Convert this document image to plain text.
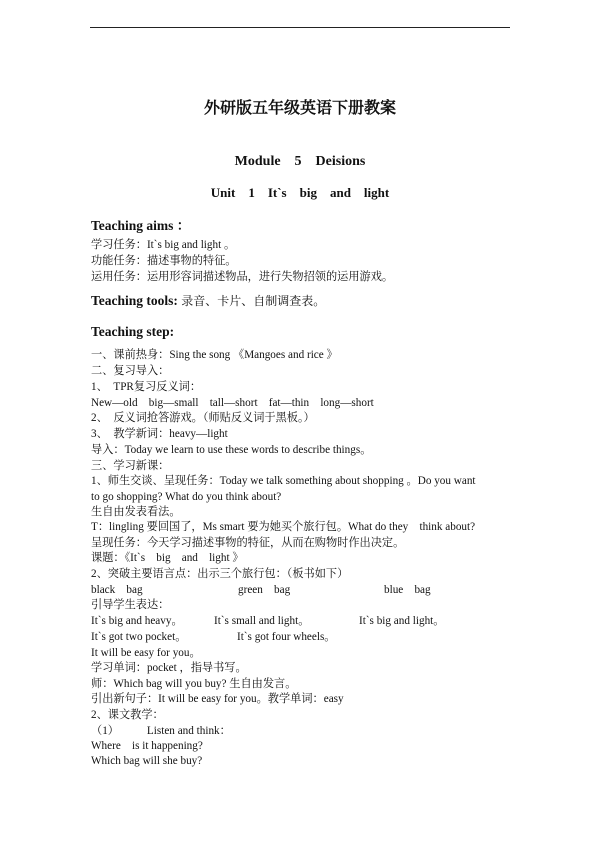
外研版五年级英语下册教案
Module　5　Deisions
Unit　1　It`s　big　and　light
Teaching aims ：
学习任务：It`s big and light 。
功能任务：描述事物的特征。
运用任务：运用形容词描述物品，进行失物招领的运用游戏。
Teaching tools: 录音、卡片、自制调查表。
Teaching step:
一、课前热身：Sing the song 《Mangoes and rice 》
二、复习导入：
1、　TPR复习反义词：
New—old　big—small　tall—short　fat—thin　long—short
2、　反义词抢答游戏。（师贴反义词于黑板。）
3、　教学新词：heavy—light
导入：Today we learn to use these words to describe things。
三、学习新课：
1、师生交谈、呈现任务：Today we talk something about shopping 。Do you want
to go shopping? What do you think about?
生自由发表看法。
T：lingling 要回国了，Ms smart 要为她买个旅行包。What do they　think about?
呈现任务：今天学习描述事物的特征，从而在购物时作出决定。
课题：《It`s　big　and　light 》
2、突破主要语言点：出示三个旅行包：（板书如下）
black　bag	green　bag	blue　bag
引导学生表达：
It`s big and heavy。	It`s small and light。	It`s big and light。
It`s got two pocket。	It`s got four wheels。
It will be easy for you。
学习单词：pocket ，指导书写。
师：Which bag will you buy? 生自由发言。
引出新句子：It will be easy for you。教学单词：easy
2、课文教学：
（1）　　　Listen and think：
Where　is it happening?
Which bag will she buy?
